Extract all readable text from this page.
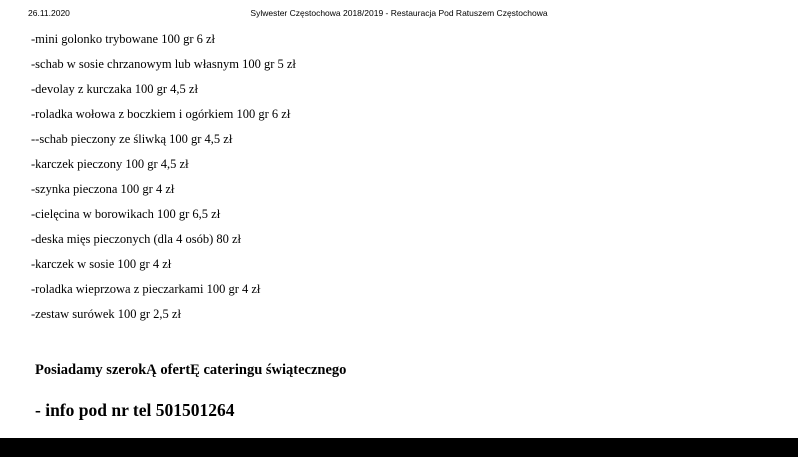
26.11.2020	Sylwester Częstochowa 2018/2019 - Restauracja Pod Ratuszem Częstochowa
-mini golonko trybowane 100 gr 6 zł
-schab w sosie chrzanowym lub własnym 100 gr 5 zł
-devolay z kurczaka 100 gr 4,5 zł
-roladka wołowa z boczkiem i ogórkiem 100 gr 6 zł
--schab pieczony ze śliwką 100 gr 4,5 zł
-karczek pieczony 100 gr 4,5 zł
-szynka pieczona 100 gr 4 zł
-cielęcina w borowikach 100 gr 6,5 zł
-deska mięs pieczonych (dla 4 osób) 80 zł
-karczek w sosie 100 gr 4 zł
-roladka wieprzowa z pieczarkami 100 gr 4 zł
-zestaw surówek 100 gr 2,5 zł
Posiadamy szerokĄ ofertĘ cateringu świątecznego
- info pod nr tel 501501264
